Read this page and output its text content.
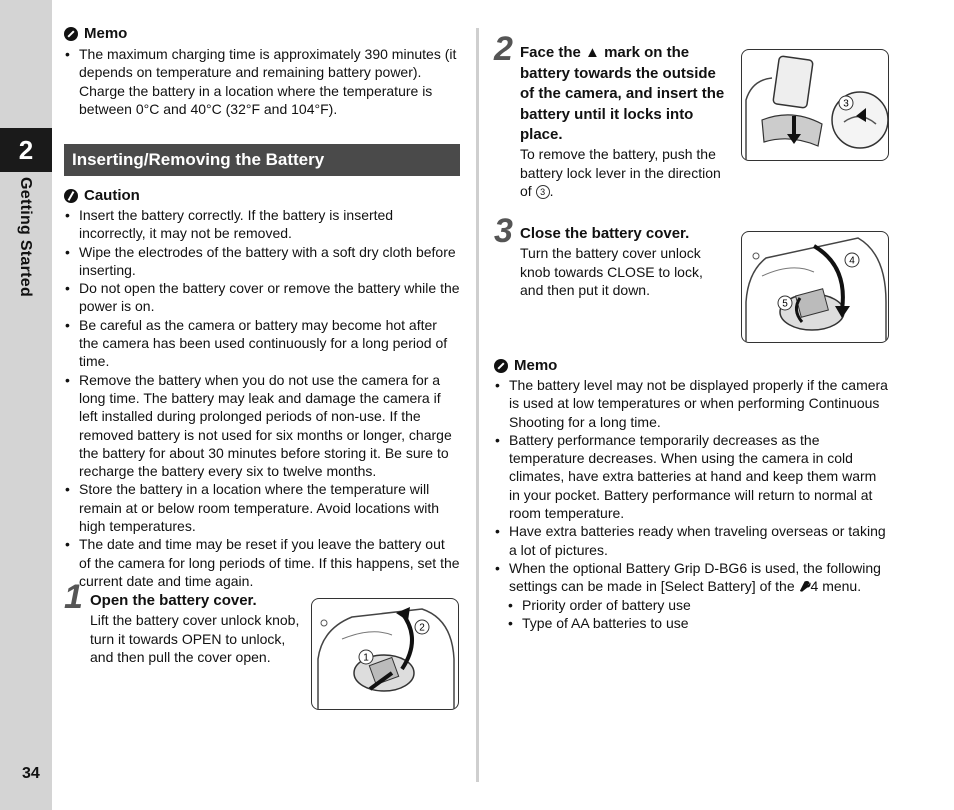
2
Getting Started
34
Memo
• The maximum charging time is approximately 390 minutes (it depends on temperature and remaining battery power). Charge the battery in a location where the temperature is between 0°C and 40°C (32°F and 104°F).
Inserting/Removing the Battery
Caution
• Insert the battery correctly. If the battery is inserted incorrectly, it may not be removed.
• Wipe the electrodes of the battery with a soft dry cloth before inserting.
• Do not open the battery cover or remove the battery while the power is on.
• Be careful as the camera or battery may become hot after the camera has been used continuously for a long period of time.
• Remove the battery when you do not use the camera for a long time. The battery may leak and damage the camera if left installed during prolonged periods of non-use. If the removed battery is not used for six months or longer, charge the battery for about 30 minutes before storing it. Be sure to recharge the battery every six to twelve months.
• Store the battery in a location where the temperature will remain at or below room temperature. Avoid locations with high temperatures.
• The date and time may be reset if you leave the battery out of the camera for long periods of time. If this happens, set the current date and time again.
1 Open the battery cover.
Lift the battery cover unlock knob, turn it towards OPEN to unlock, and then pull the cover open.	1
2
2 Face the ▲ mark on the battery towards the outside of the camera, and insert the battery until it locks into place.
To remove the battery, push the battery lock lever in the direction of 3 .
3
3 Close the battery cover.
Turn the battery cover unlock knob towards CLOSE to lock, and then put it down.
4
5
Memo
• The battery level may not be displayed properly if the camera is used at low temperatures or when performing Continuous Shooting for a long time.
• Battery performance temporarily decreases as the temperature decreases. When using the camera in cold climates, have extra batteries at hand and keep them warm in your pocket. Battery performance will return to normal at room temperature.
• Have extra batteries ready when traveling overseas or taking a lot of pictures.
• When the optional Battery Grip D-BG6 is used, the following settings can be made in [Select Battery] of the 4 menu.
• Priority order of battery use
• Type of AA batteries to use
